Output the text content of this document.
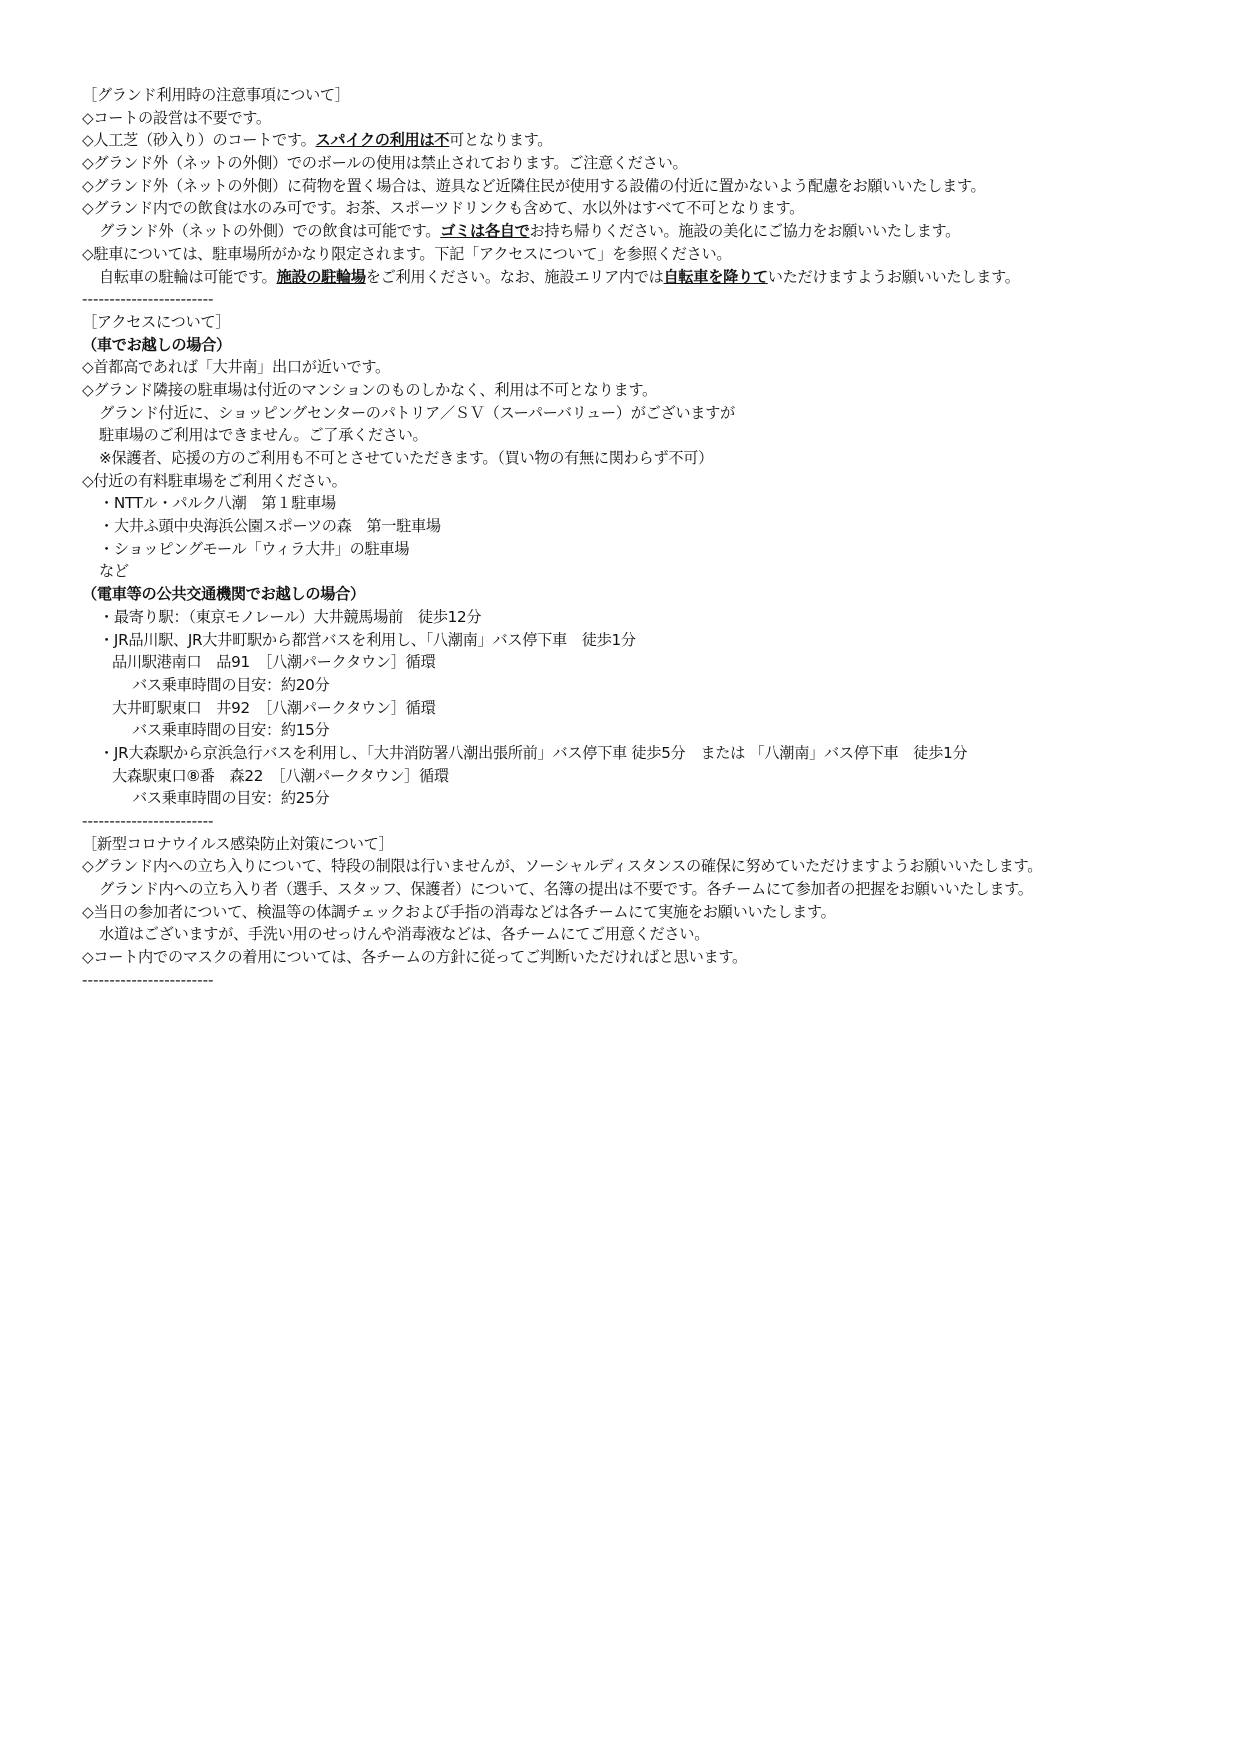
［グランド利用時の注意事項について］
◇コートの設営は不要です。
◇人工芝（砂入り）のコートです。スパイクの利用は不可となります。
◇グランド外（ネットの外側）でのボールの使用は禁止されております。ご注意ください。
◇グランド外（ネットの外側）に荷物を置く場合は、遊具など近隣住民が使用する設備の付近に置かないよう配慮をお願いいたします。
◇グランド内での飲食は水のみ可です。お茶、スポーツドリンクも含めて、水以外はすべて不可となります。
グランド外（ネットの外側）での飲食は可能です。ゴミは各自でお持ち帰りください。施設の美化にご協力をお願いいたします。
◇駐車については、駐車場所がかなり限定されます。下記「アクセスについて」を参照ください。
自転車の駐輪は可能です。施設の駐輪場をご利用ください。なお、施設エリア内では自転車を降りていただけますようお願いいたします。
------------------------
［アクセスについて］
（車でお越しの場合）
◇首都高であれば「大井南」出口が近いです。
◇グランド隣接の駐車場は付近のマンションのものしかなく、利用は不可となります。
グランド付近に、ショッピングセンターのパトリア／ＳＶ（スーパーバリュー）がございますが
駐車場のご利用はできません。ご了承ください。
※保護者、応援の方のご利用も不可とさせていただきます。（買い物の有無に関わらず不可）
◇付近の有料駐車場をご利用ください。
・NTTル・パルク八潮　第１駐車場
・大井ふ頭中央海浜公園スポーツの森　第一駐車場
・ショッピングモール「ウィラ大井」の駐車場
など
（電車等の公共交通機関でお越しの場合）
・最寄り駅：（東京モノレール）大井競馬場前　徒歩12分
・JR品川駅、JR大井町駅から都営バスを利用し、「八潮南」バス停下車　徒歩1分
品川駅港南口　品91　［八潮パークタウン］循環
バス乗車時間の目安：約20分
大井町駅東口　井92　［八潮パークタウン］循環
バス乗車時間の目安：約15分
・JR大森駅から京浜急行バスを利用し、「大井消防署八潮出張所前」バス停下車 徒歩5分　または 「八潮南」バス停下車　徒歩1分
大森駅東口⑧番　森22　［八潮パークタウン］循環
バス乗車時間の目安：約25分
------------------------
［新型コロナウイルス感染防止対策について］
◇グランド内への立ち入りについて、特段の制限は行いませんが、ソーシャルディスタンスの確保に努めていただけますようお願いいたします。
グランド内への立ち入り者（選手、スタッフ、保護者）について、名簿の提出は不要です。各チームにて参加者の把握をお願いいたします。
◇当日の参加者について、検温等の体調チェックおよび手指の消毒などは各チームにて実施をお願いいたします。
水道はございますが、手洗い用のせっけんや消毒液などは、各チームにてご用意ください。
◇コート内でのマスクの着用については、各チームの方針に従ってご判断いただければと思います。
------------------------
